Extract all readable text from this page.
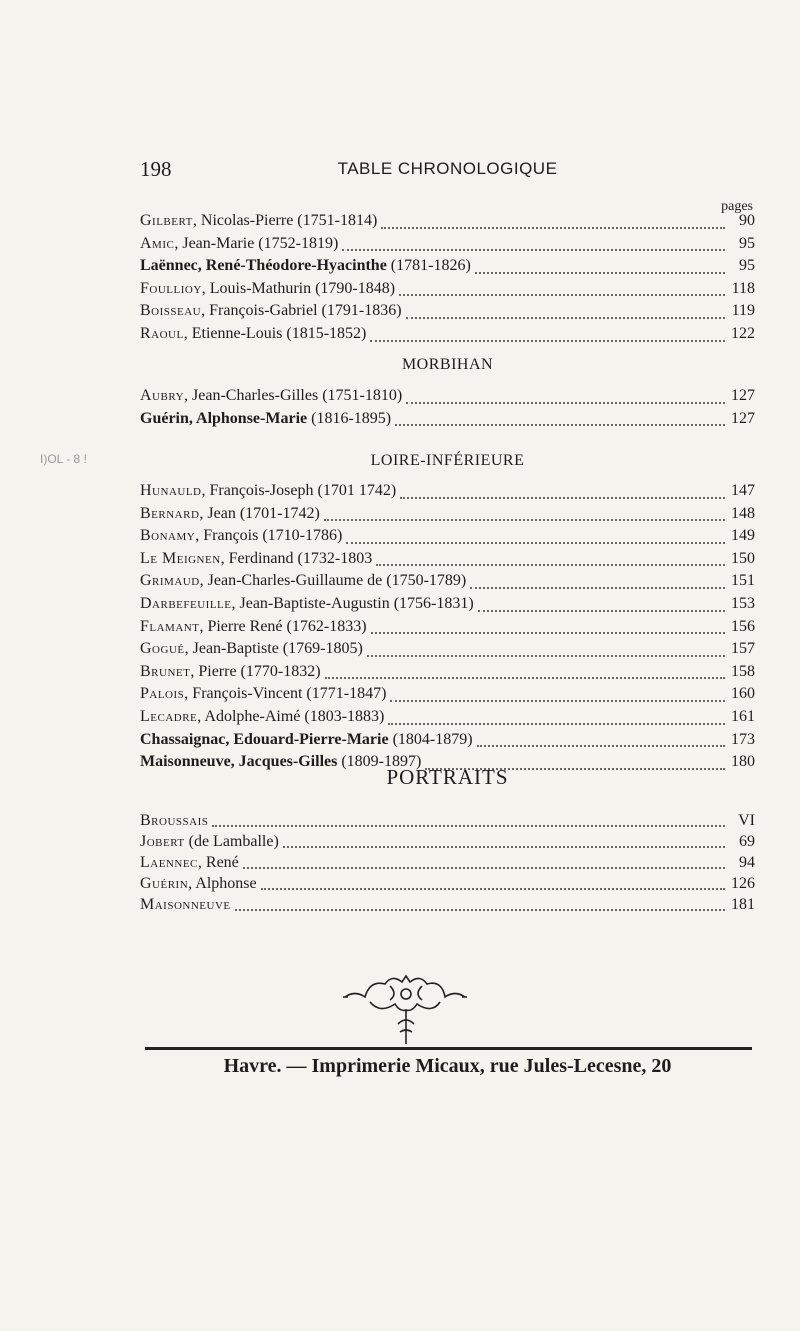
198	TABLE CHRONOLOGIQUE
pages
Gilbert, Nicolas-Pierre (1751-1814)	90
Amic, Jean-Marie (1752-1819)	95
Laënnec, René-Théodore-Hyacinthe (1781-1826)	95
Foullioy, Louis-Mathurin (1790-1848)	118
Boisseau, François-Gabriel (1791-1836)	119
Raoul, Etienne-Louis (1815-1852)	122
MORBIHAN
Aubry, Jean-Charles-Gilles (1751-1810)	127
Guérin, Alphonse-Marie (1816-1895)	127
LOIRE-INFÉRIEURE
Hunauld, François-Joseph (1701 1742)	147
Bernard, Jean (1701-1742)	148
Bonamy, François (1710-1786)	149
Le Meignen, Ferdinand (1732-1803	150
Grimaud, Jean-Charles-Guillaume de (1750-1789)	151
Darbefeuille, Jean-Baptiste-Augustin (1756-1831)	153
Flamant, Pierre René (1762-1833)	156
Gogué, Jean-Baptiste (1769-1805)	157
Brunet, Pierre (1770-1832)	158
Palois, François-Vincent (1771-1847)	160
Lecadre, Adolphe-Aimé (1803-1883)	161
Chassaignac, Edouard-Pierre-Marie (1804-1879)	173
Maisonneuve, Jacques-Gilles (1809-1897)	180
PORTRAITS
Broussais	VI
Jobert (de Lamballe)	69
Laennec, René	94
Guérin, Alphonse	126
Maisonneuve	181
I)OL - 8 !
Havre. — Imprimerie Micaux, rue Jules-Lecesne, 20
